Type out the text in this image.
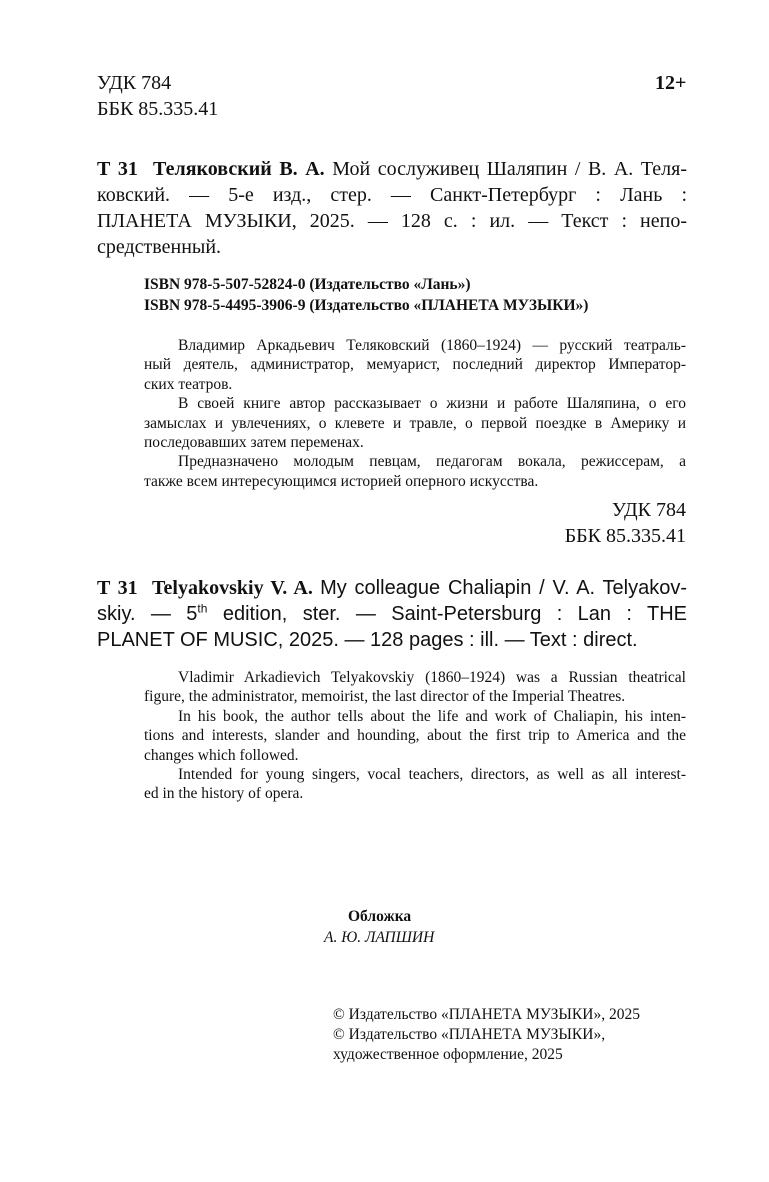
УДК 784
ББК 85.335.41
12+
Т 31 Теляковский В. А. Мой сослуживец Шаляпин / В. А. Теля-
ковский. — 5-е изд., стер. — Санкт-Петербург : Лань :
ПЛАНЕТА МУЗЫКИ, 2025. — 128 с. : ил. — Текст : непо-
средственный.
ISBN 978-5-507-52824-0 (Издательство «Лань»)
ISBN 978-5-4495-3906-9 (Издательство «ПЛАНЕТА МУЗЫКИ»)
Владимир Аркадьевич Теляковский (1860–1924) — русский театраль-
ный деятель, администратор, мемуарист, последний директор Император-
ских театров.
В своей книге автор рассказывает о жизни и работе Шаляпина, о его
замыслах и увлечениях, о клевете и травле, о первой поездке в Америку и
последовавших затем переменах.
Предназначено молодым певцам, педагогам вокала, режиссерам, а
также всем интересующимся историей оперного искусства.
УДК 784
ББК 85.335.41
Т 31 Telyakovskiy V. A. My colleague Chaliapin / V. A. Telyakov-
skiy. — 5th edition, ster. — Saint-Petersburg : Lan : THE
PLANET OF MUSIC, 2025. — 128 pages : ill. — Text : direct.
Vladimir Arkadievich Telyakovskiy (1860–1924) was a Russian theatrical
figure, the administrator, memoirist, the last director of the Imperial Theatres.
In his book, the author tells about the life and work of Chaliapin, his inten-
tions and interests, slander and hounding, about the first trip to America and the
changes which followed.
Intended for young singers, vocal teachers, directors, as well as all interest-
ed in the history of opera.
Обложка
А. Ю. ЛАПШИН
© Издательство «ПЛАНЕТА МУЗЫКИ», 2025
© Издательство «ПЛАНЕТА МУЗЫКИ»,
художественное оформление, 2025
